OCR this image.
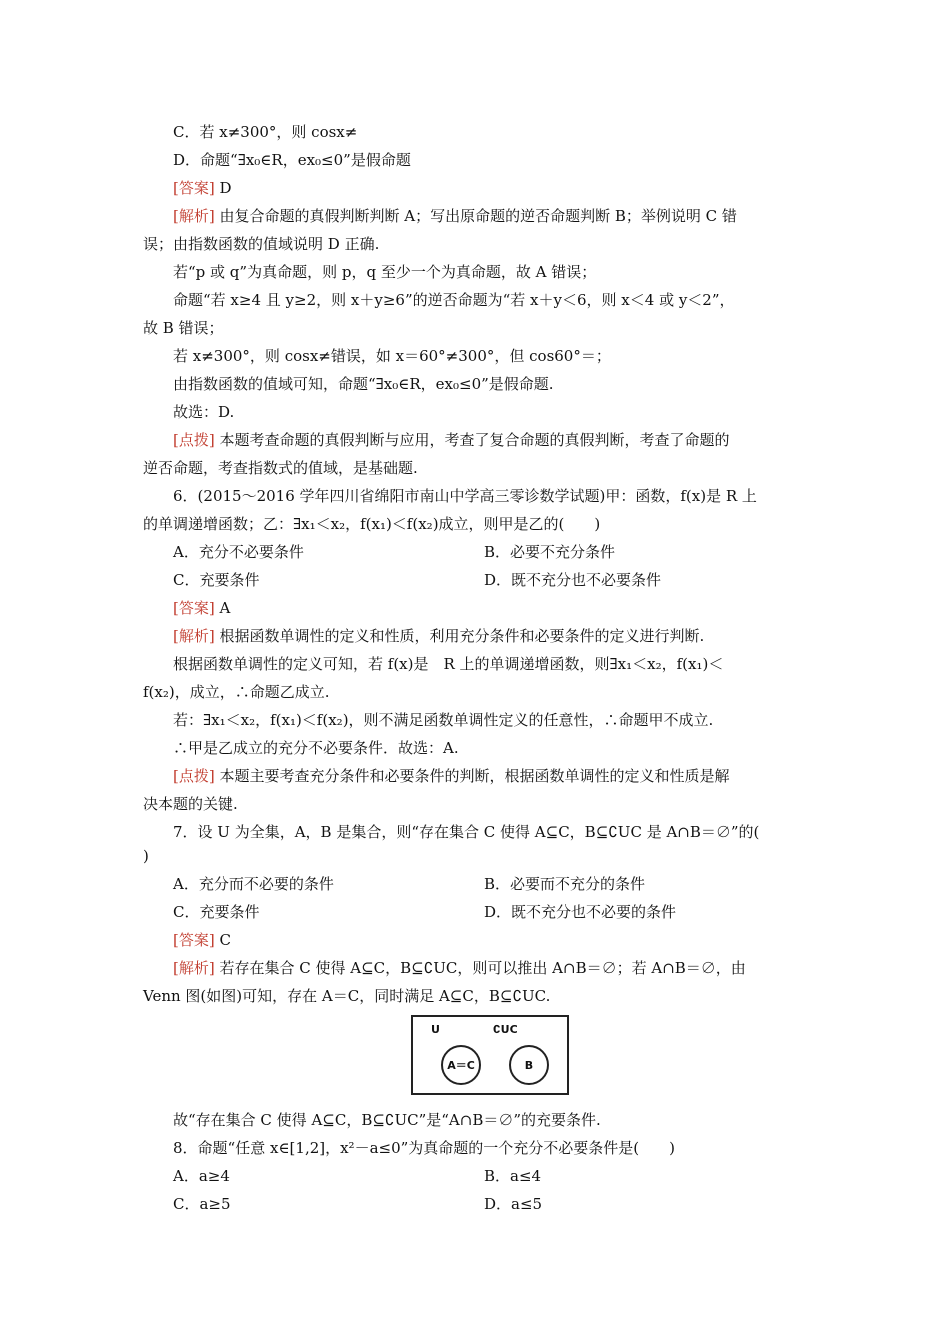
C．若 x≠300°，则 cosx≠
D．命题“∃x₀∈R，ex₀≤0”是假命题
[答案] D
[解析] 由复合命题的真假判断判断 A；写出原命题的逆否命题判断 B；举例说明 C 错
误；由指数函数的值域说明 D 正确.
若“p 或 q”为真命题，则 p，q 至少一个为真命题，故 A 错误；
命题“若 x≥4 且 y≥2，则 x＋y≥6”的逆否命题为“若 x＋y＜6，则 x＜4 或 y＜2”，
故 B 错误；
若 x≠300°，则 cosx≠错误，如 x＝60°≠300°，但 cos60°＝；
由指数函数的值域可知，命题“∃x₀∈R，ex₀≤0”是假命题.
故选：D.
[点拨] 本题考查命题的真假判断与应用，考查了复合命题的真假判断，考查了命题的
逆否命题，考查指数式的值域，是基础题.
6．(2015～2016 学年四川省绵阳市南山中学高三零诊数学试题)甲：函数，f(x)是 R 上
的单调递增函数；乙：∃x₁＜x₂，f(x₁)＜f(x₂)成立，则甲是乙的(　　)
A．充分不必要条件	B．必要不充分条件
C．充要条件	D．既不充分也不必要条件
[答案] A
[解析] 根据函数单调性的定义和性质，利用充分条件和必要条件的定义进行判断.
根据函数单调性的定义可知，若 f(x)是　R 上的单调递增函数，则∃x₁＜x₂，f(x₁)＜
f(x₂)，成立，∴命题乙成立.
若：∃x₁＜x₂，f(x₁)＜f(x₂)，则不满足函数单调性定义的任意性，∴命题甲不成立.
∴甲是乙成立的充分不必要条件．故选：A.
[点拨] 本题主要考查充分条件和必要条件的判断，根据函数单调性的定义和性质是解
决本题的关键.
7．设 U 为全集，A，B 是集合，则“存在集合 C 使得 A⊆C，B⊆∁UC 是 A∩B＝∅”的(
)
A．充分而不必要的条件	B．必要而不充分的条件
C．充要条件	D．既不充分也不必要的条件
[答案] C
[解析] 若存在集合 C 使得 A⊆C，B⊆∁UC，则可以推出 A∩B＝∅；若 A∩B＝∅，由
Venn 图(如图)可知，存在 A＝C，同时满足 A⊆C，B⊆∁UC.
U	∁UC
A＝C	B
故“存在集合 C 使得 A⊆C，B⊆∁UC”是“A∩B＝∅”的充要条件.
8．命题“任意 x∈[1,2]，x²－a≤0”为真命题的一个充分不必要条件是(　　)
A．a≥4	B．a≤4
C．a≥5	D．a≤5
